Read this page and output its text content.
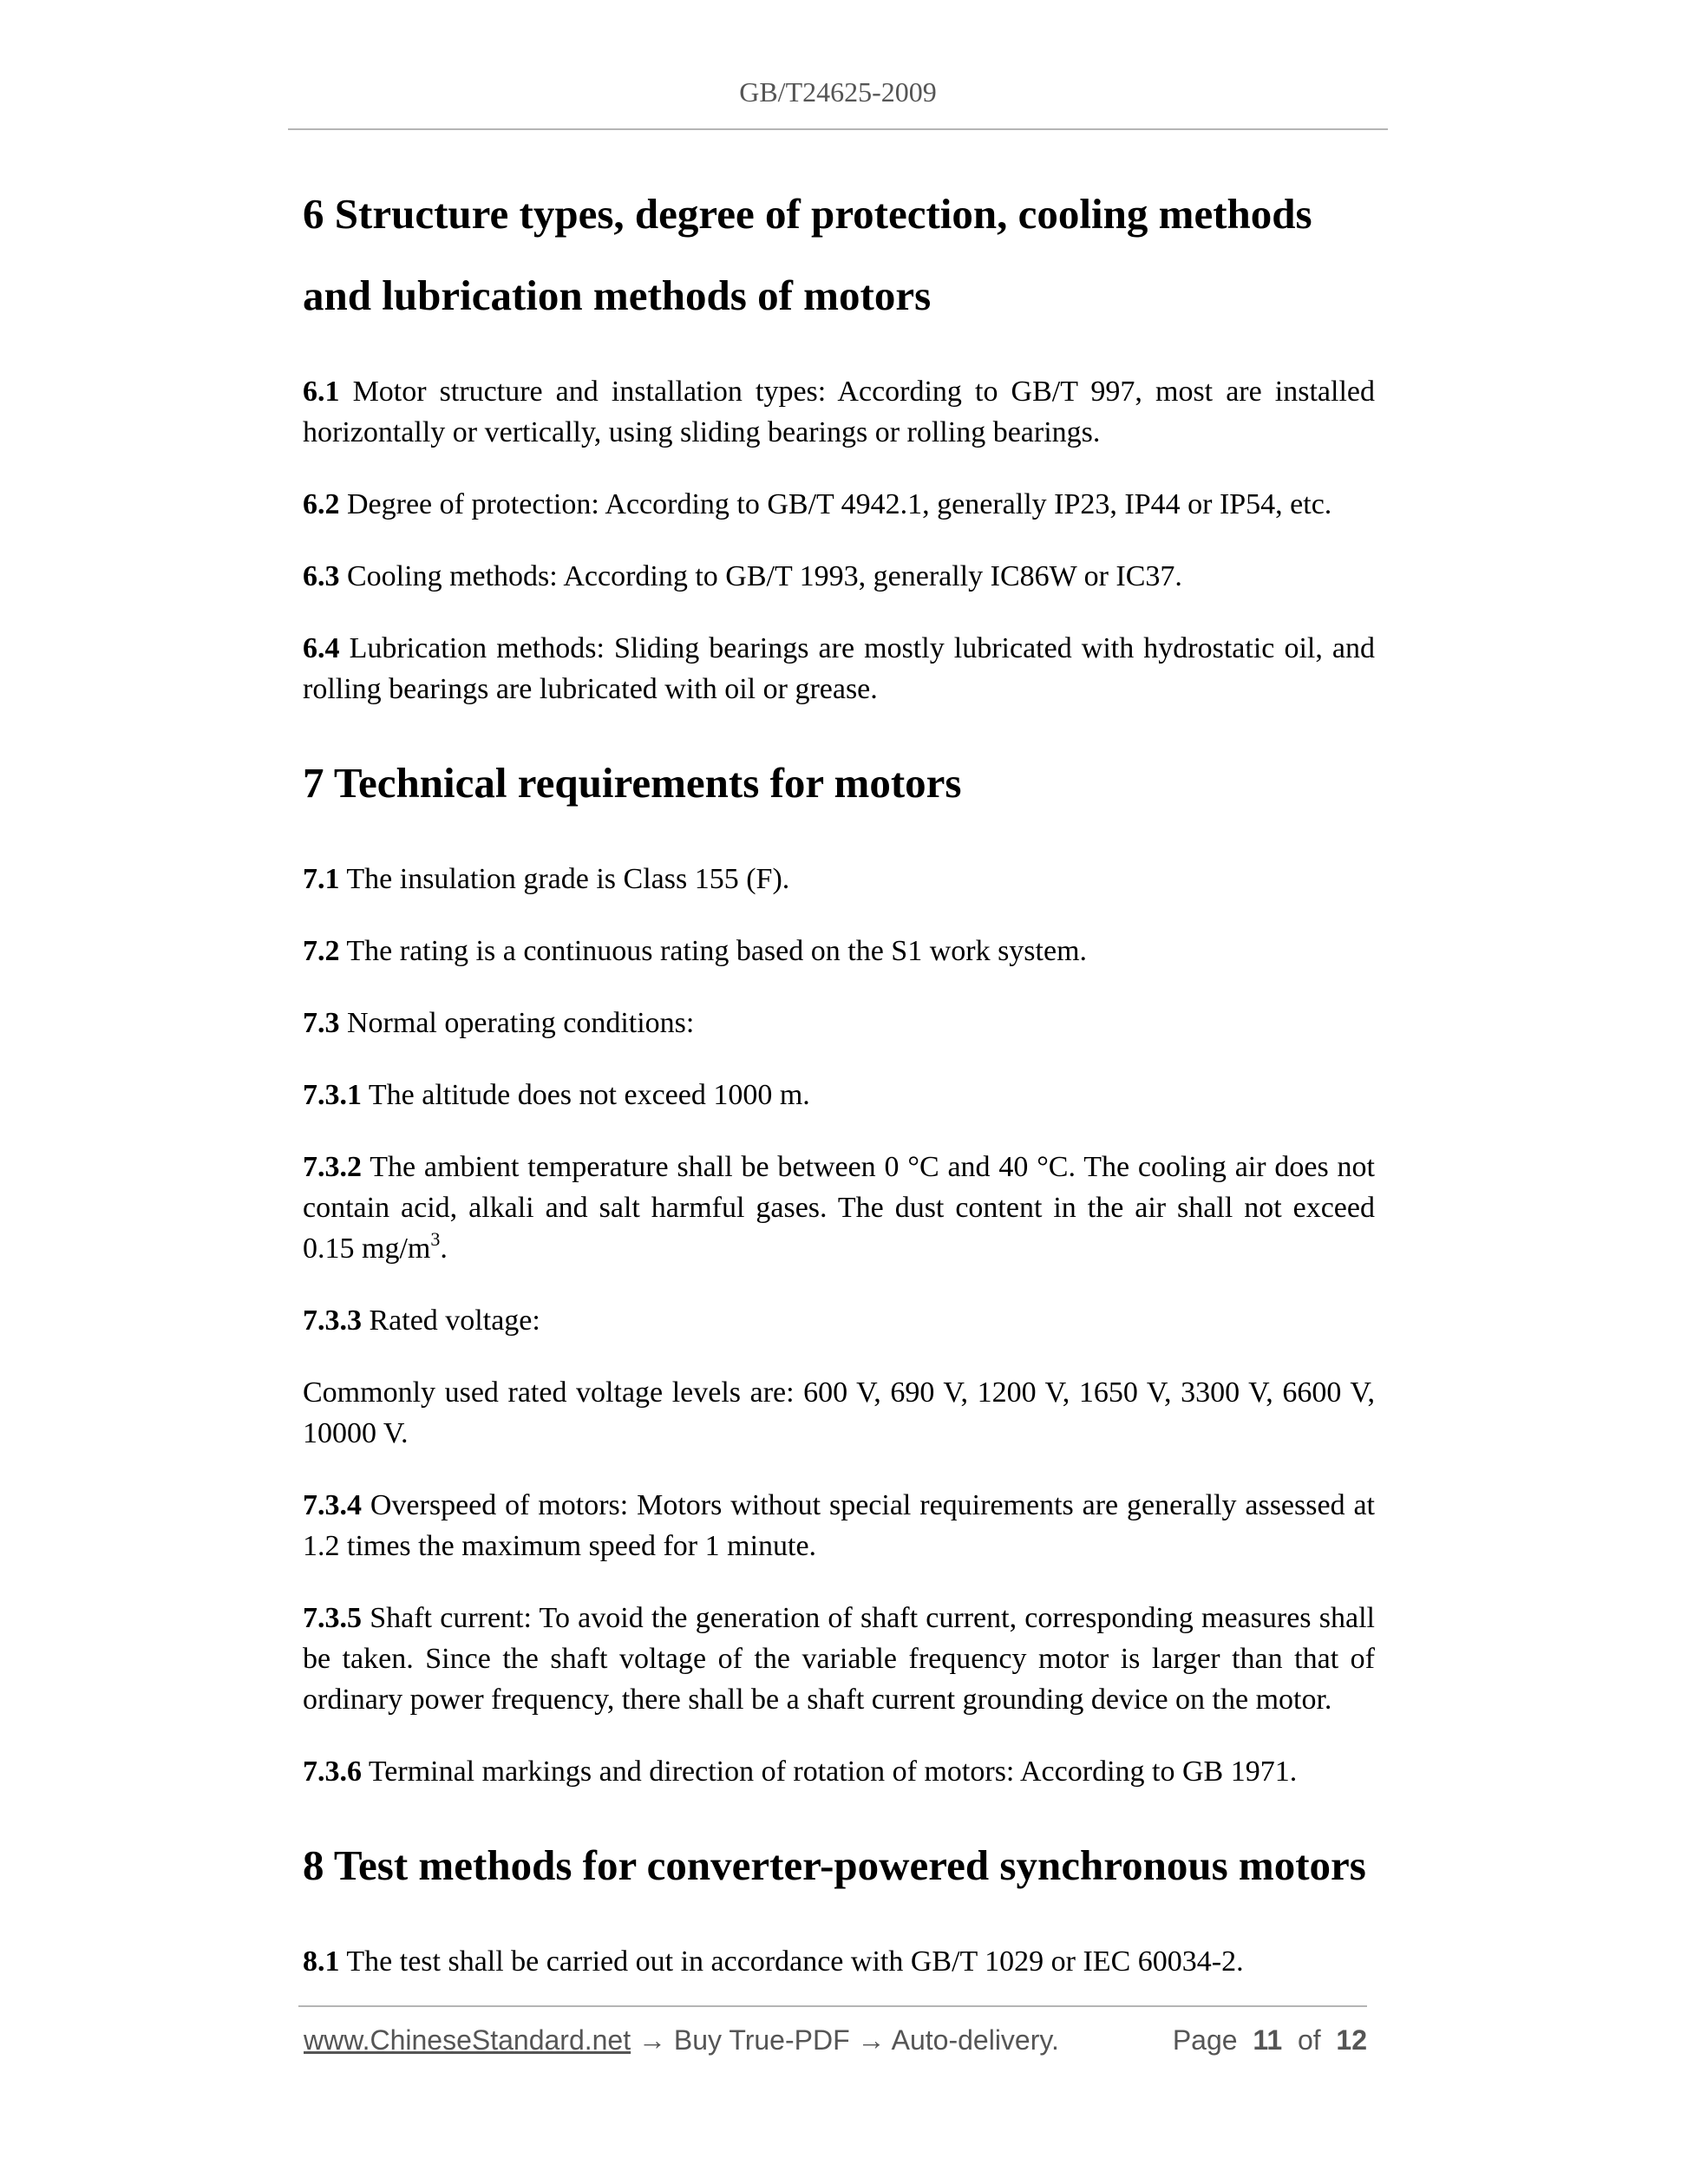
GB/T24625-2009
6 Structure types, degree of protection, cooling methods and lubrication methods of motors

6.1 Motor structure and installation types: According to GB/T 997, most are installed horizontally or vertically, using sliding bearings or rolling bearings.

6.2 Degree of protection: According to GB/T 4942.1, generally IP23, IP44 or IP54, etc.

6.3 Cooling methods: According to GB/T 1993, generally IC86W or IC37.

6.4 Lubrication methods: Sliding bearings are mostly lubricated with hydrostatic oil, and rolling bearings are lubricated with oil or grease.

7 Technical requirements for motors

7.1 The insulation grade is Class 155 (F).

7.2 The rating is a continuous rating based on the S1 work system.

7.3 Normal operating conditions:

7.3.1 The altitude does not exceed 1000 m.

7.3.2 The ambient temperature shall be between 0 °C and 40 °C. The cooling air does not contain acid, alkali and salt harmful gases. The dust content in the air shall not exceed 0.15 $mg/m^3$.

7.3.3 Rated voltage:

Commonly used rated voltage levels are: 600 V, 690 V, 1200 V, 1650 V, 3300 V, 6600 V, 10000 V.

7.3.4 Overspeed of motors: Motors without special requirements are generally assessed at 1.2 times the maximum speed for 1 minute.

7.3.5 Shaft current: To avoid the generation of shaft current, corresponding measures shall be taken. Since the shaft voltage of the variable frequency motor is larger than that of ordinary power frequency, there shall be a shaft current grounding device on the motor.

7.3.6 Terminal markings and direction of rotation of motors: According to GB 1971.

8 Test methods for converter-powered synchronous motors

8.1 The test shall be carried out in accordance with GB/T 1029 or IEC 60034-2.

www.ChineseStandard.net → Buy True-PDF → Auto-delivery.	Page 11 of 12
